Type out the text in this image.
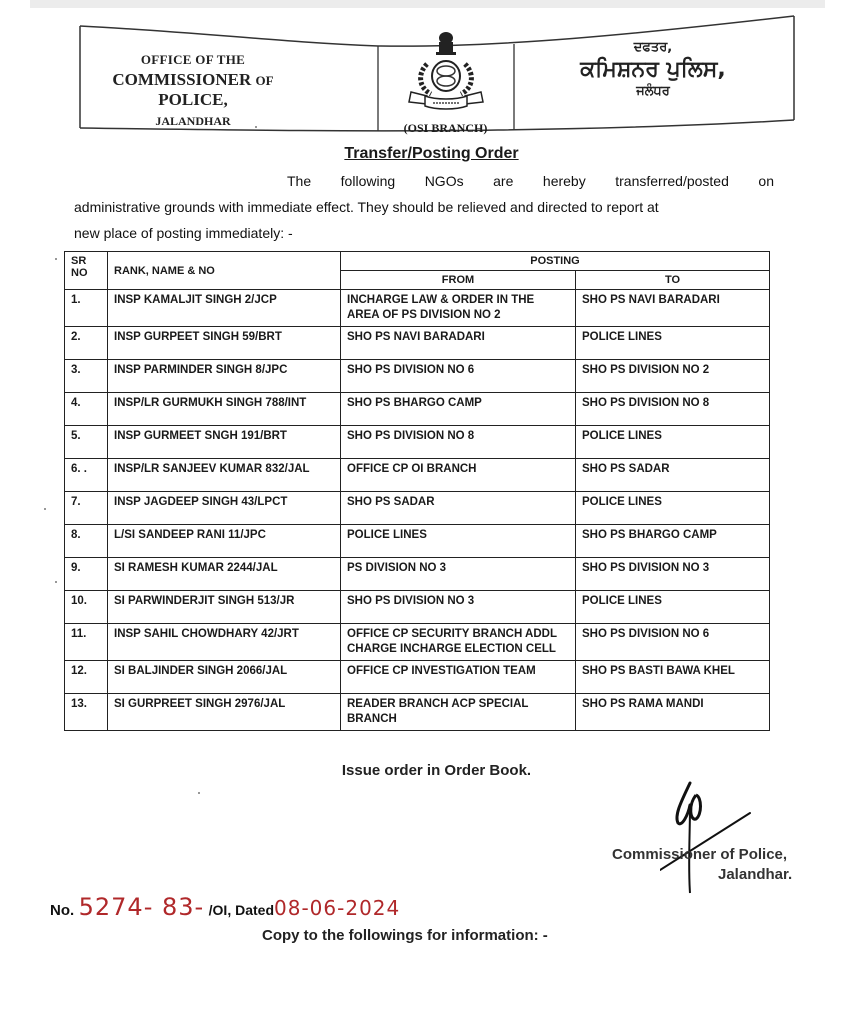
OFFICE OF THE
COMMISSIONER OF POLICE,
JALANDHAR	(OSI BRANCH)
ਦਫਤਰ,
ਕਮਿਸ਼ਨਰ ਪੁਲਿਸ,
ਜਲੰਧਰ
Transfer/Posting Order
The following NGOs are hereby transferred/posted on
administrative grounds with immediate effect. They should be relieved and directed to report at
new place of posting immediately: -
SR NO	RANK, NAME & NO	POSTING	
		FROM	TO
1.	INSP KAMALJIT SINGH 2/JCP	INCHARGE LAW & ORDER IN THE AREA OF PS DIVISION NO 2	SHO PS NAVI BARADARI
2.	INSP GURPEET SINGH 59/BRT	SHO PS NAVI BARADARI	POLICE LINES
3.	INSP PARMINDER SINGH 8/JPC	SHO PS DIVISION NO 6	SHO PS DIVISION NO 2
4.	INSP/LR GURMUKH SINGH 788/INT	SHO PS BHARGO CAMP	SHO PS DIVISION NO 8
5.	INSP GURMEET SNGH 191/BRT	SHO PS DIVISION NO 8	POLICE LINES
6. .	INSP/LR SANJEEV KUMAR 832/JAL	OFFICE CP OI BRANCH	SHO PS SADAR
7.	INSP JAGDEEP SINGH 43/LPCT	SHO PS SADAR	POLICE LINES
8.	L/SI SANDEEP RANI 11/JPC	POLICE LINES	SHO PS BHARGO CAMP
9.	SI RAMESH KUMAR 2244/JAL	PS DIVISION NO 3	SHO PS DIVISION NO 3
10.	SI PARWINDERJIT SINGH 513/JR	SHO PS DIVISION NO 3	POLICE LINES
11.	INSP SAHIL CHOWDHARY 42/JRT	OFFICE CP SECURITY BRANCH ADDL CHARGE INCHARGE ELECTION CELL	SHO PS DIVISION NO 6
12.	SI BALJINDER SINGH 2066/JAL	OFFICE CP INVESTIGATION TEAM	SHO PS BASTI BAWA KHEL
13.	SI GURPREET SINGH 2976/JAL	READER BRANCH ACP SPECIAL BRANCH	SHO PS RAMA MANDI
Issue order in Order Book.
Commissioner of Police,
Jalandhar.
No. 5274- 83- /OI, Dated08-06-2024
Copy to the followings for information: -
